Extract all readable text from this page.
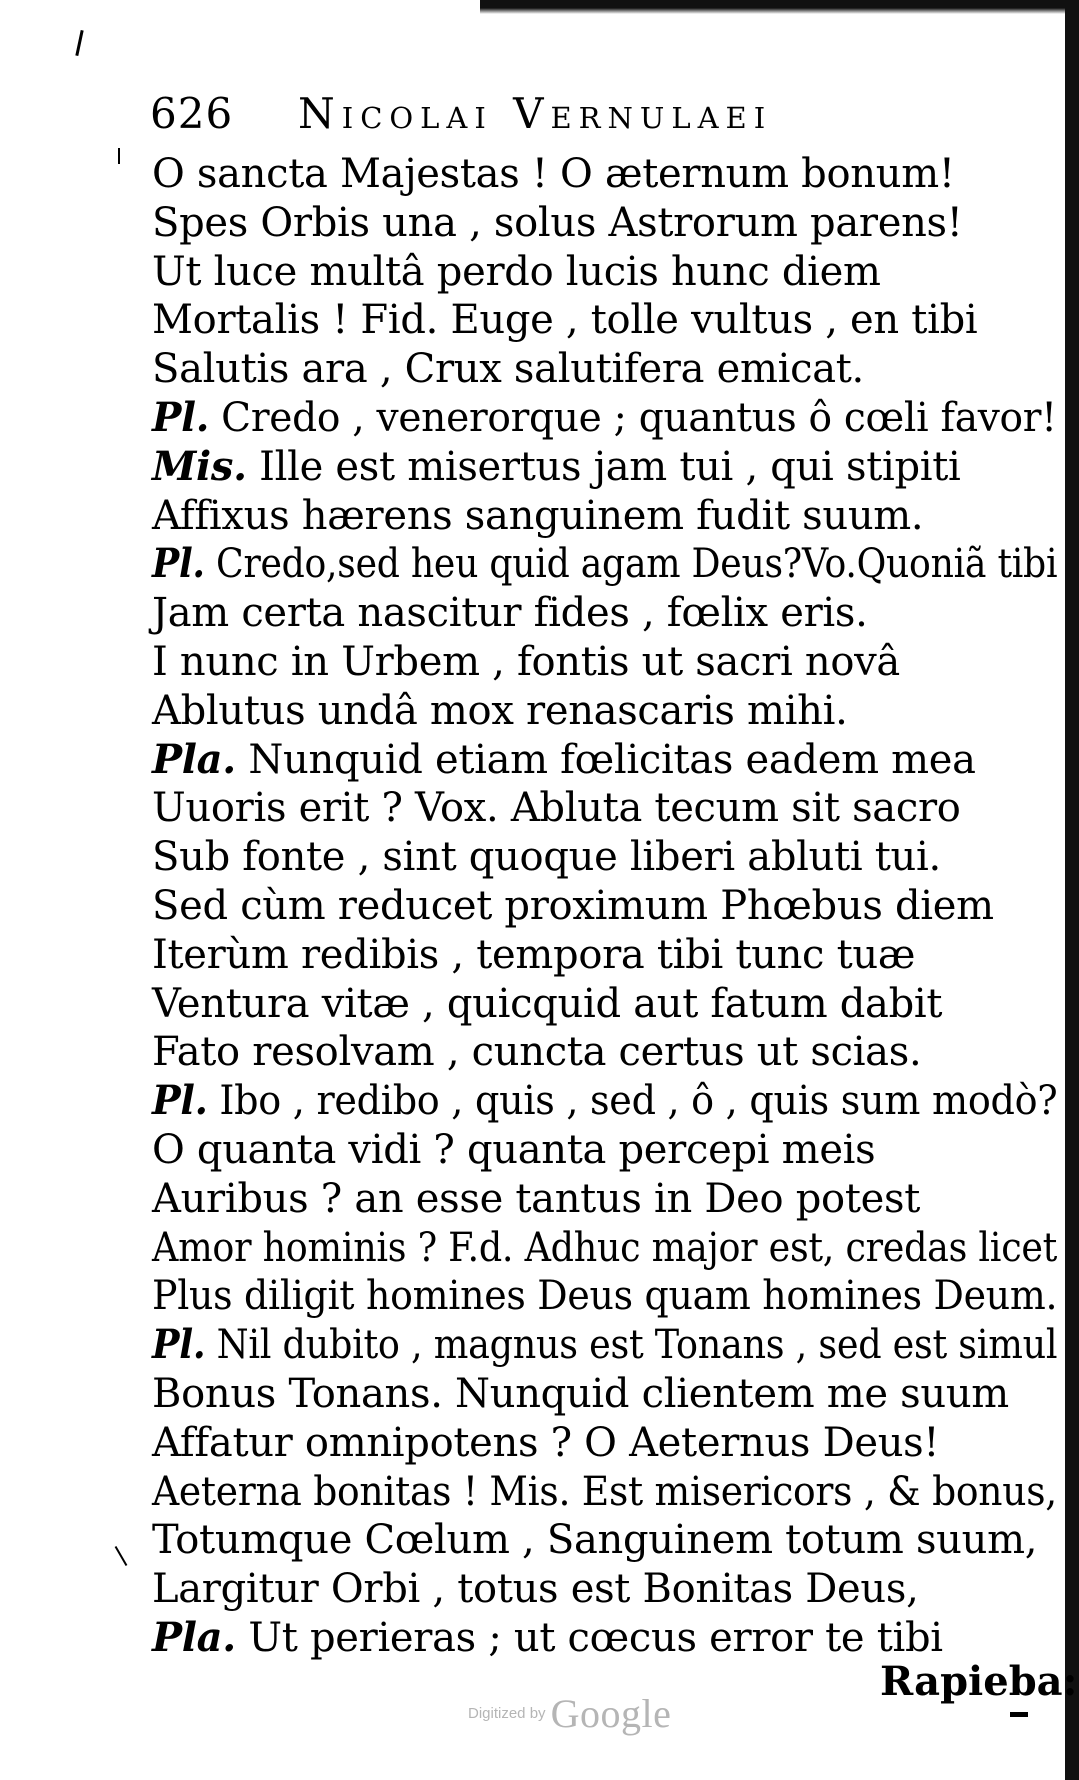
626 Nicolai Vernulaei
O sancta Majestas ! O æternum bonum!
Spes Orbis una , solus Astrorum parens!
Ut luce multâ perdo lucis hunc diem
Mortalis ! Fid. Euge , tolle vultus , en tibi
Salutis ara , Crux salutifera emicat.
Pl. Credo , venerorque ; quantus ô cœli favor!
Mis. Ille est misertus jam tui , qui stipiti
Affixus hærens sanguinem fudit suum.
Pl. Credo,sed heu quid agam Deus?Vo.Quoniã tibi
Jam certa nascitur fides , fœlix eris.
I nunc in Urbem , fontis ut sacri novâ
Ablutus undâ mox renascaris mihi.
Pla. Nunquid etiam fœlicitas eadem mea
Uuoris erit ? Vox. Abluta tecum sit sacro
Sub fonte , sint quoque liberi abluti tui.
Sed cùm reducet proximum Phœbus diem
Iterùm redibis , tempora tibi tunc tuæ
Ventura vitæ , quicquid aut fatum dabit
Fato resolvam , cuncta certus ut scias.
Pl. Ibo , redibo , quis , sed , ô , quis sum modò?
O quanta vidi ? quanta percepi meis
Auribus ? an esse tantus in Deo potest
Amor hominis ? F.d. Adhuc major est, credas licet
Plus diligit homines Deus quam homines Deum.
Pl. Nil dubito , magnus est Tonans , sed est simul
Bonus Tonans. Nunquid clientem me suum
Affatur omnipotens ? O Aeternus Deus!
Aeterna bonitas ! Mis. Est misericors , & bonus,
Totumque Cœlum , Sanguinem totum suum,
Largitur Orbi , totus est Bonitas Deus,
Pla. Ut perieras ; ut cœcus error te tibi
Rapieba:
Digitized by Google
